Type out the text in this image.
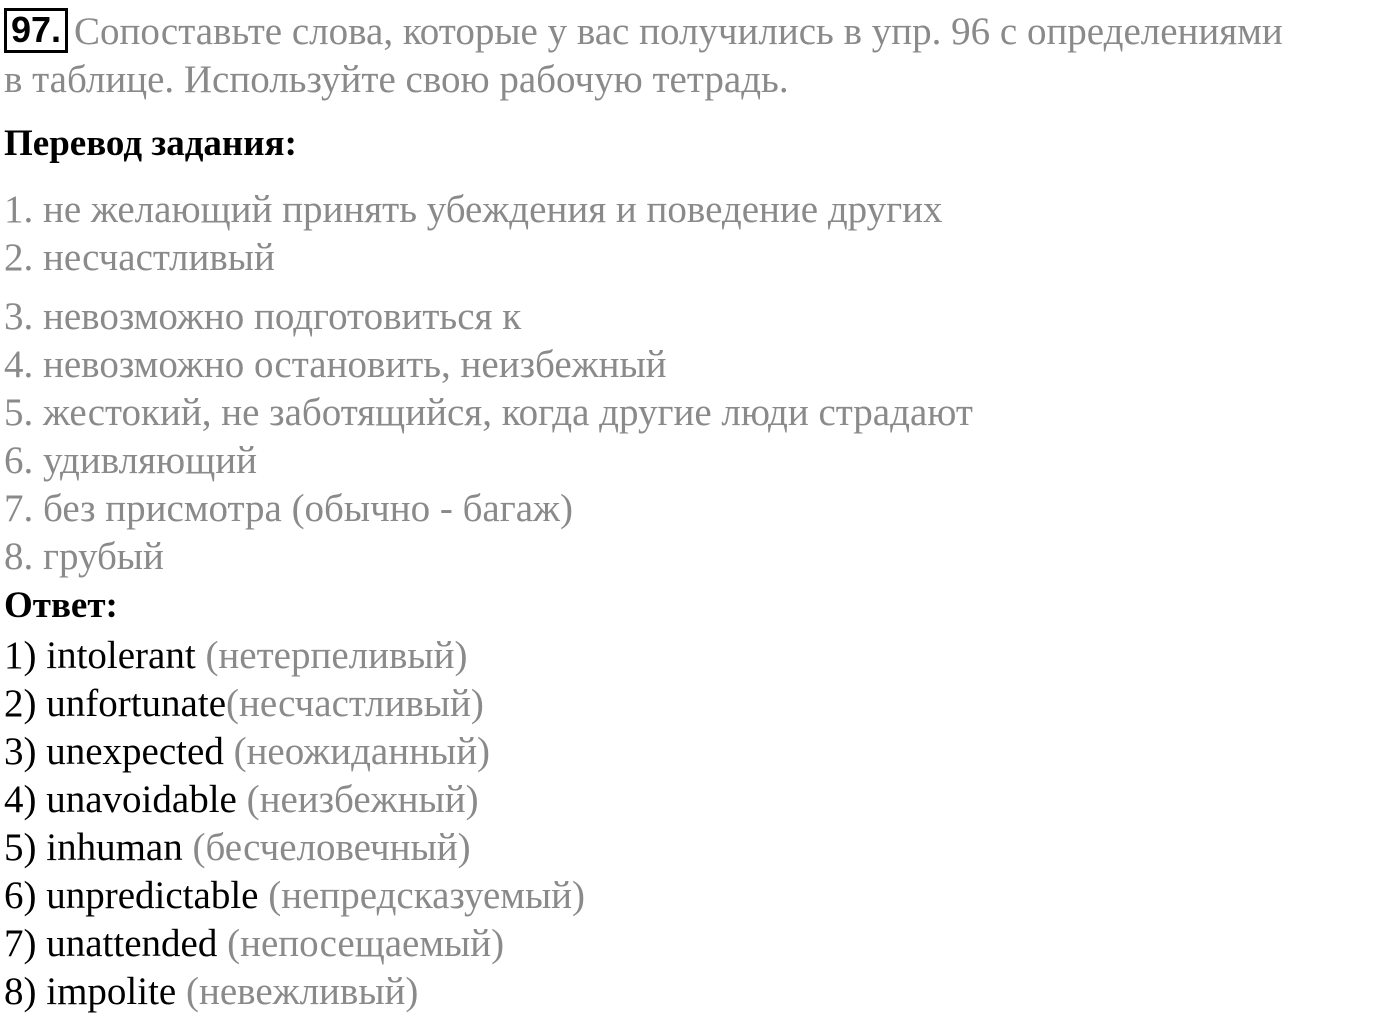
97. Сопоставьте слова, которые у вас получились в упр. 96 с определениями
в таблице. Используйте свою рабочую тетрадь.
Перевод задания:
1. не желающий принять убеждения и поведение других
2. несчастливый
3. невозможно подготовиться к
4. невозможно остановить, неизбежный
5. жестокий, не заботящийся, когда другие люди страдают
6. удивляющий
7. без присмотра (обычно - багаж)
8. грубый
Ответ:
1) intolerant (нетерпеливый)
2) unfortunate(несчастливый)
3) unexpected (неожиданный)
4) unavoidable (неизбежный)
5) inhuman (бесчеловечный)
6) unpredictable (непредсказуемый)
7) unattended (непосещаемый)
8) impolite (невежливый)
